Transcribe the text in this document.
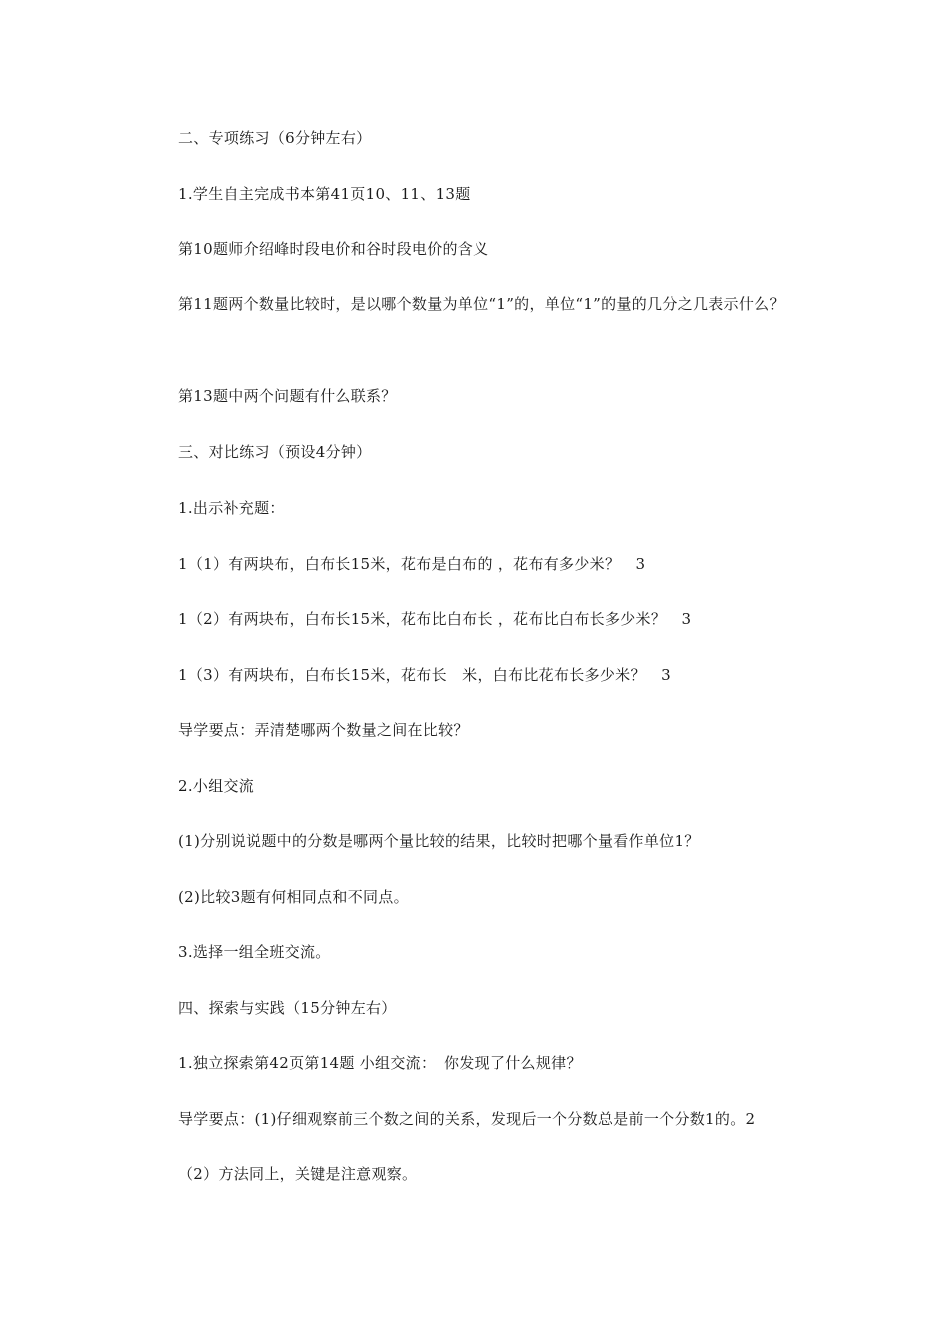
二、专项练习（6分钟左右）
1.学生自主完成书本第41页10、11、13题
第10题师介绍峰时段电价和谷时段电价的含义
第11题两个数量比较时，是以哪个数量为单位“1”的，单位“1”的量的几分之几表示什么？
第13题中两个问题有什么联系？
三、对比练习（预设4分钟）
1.出示补充题：
1（1）有两块布，白布长15米，花布是白布的 ，花布有多少米？　3
1（2）有两块布，白布长15米，花布比白布长 ，花布比白布长多少米？　3
1（3）有两块布，白布长15米，花布长　米，白布比花布长多少米？　3
导学要点：弄清楚哪两个数量之间在比较？
2.小组交流
(1)分别说说题中的分数是哪两个量比较的结果，比较时把哪个量看作单位1？
(2)比较3题有何相同点和不同点。
3.选择一组全班交流。
四、探索与实践（15分钟左右）
1.独立探索第42页第14题 小组交流：　你发现了什么规律？
导学要点：(1)仔细观察前三个数之间的关系，发现后一个分数总是前一个分数1的。2
（2）方法同上，关键是注意观察。
